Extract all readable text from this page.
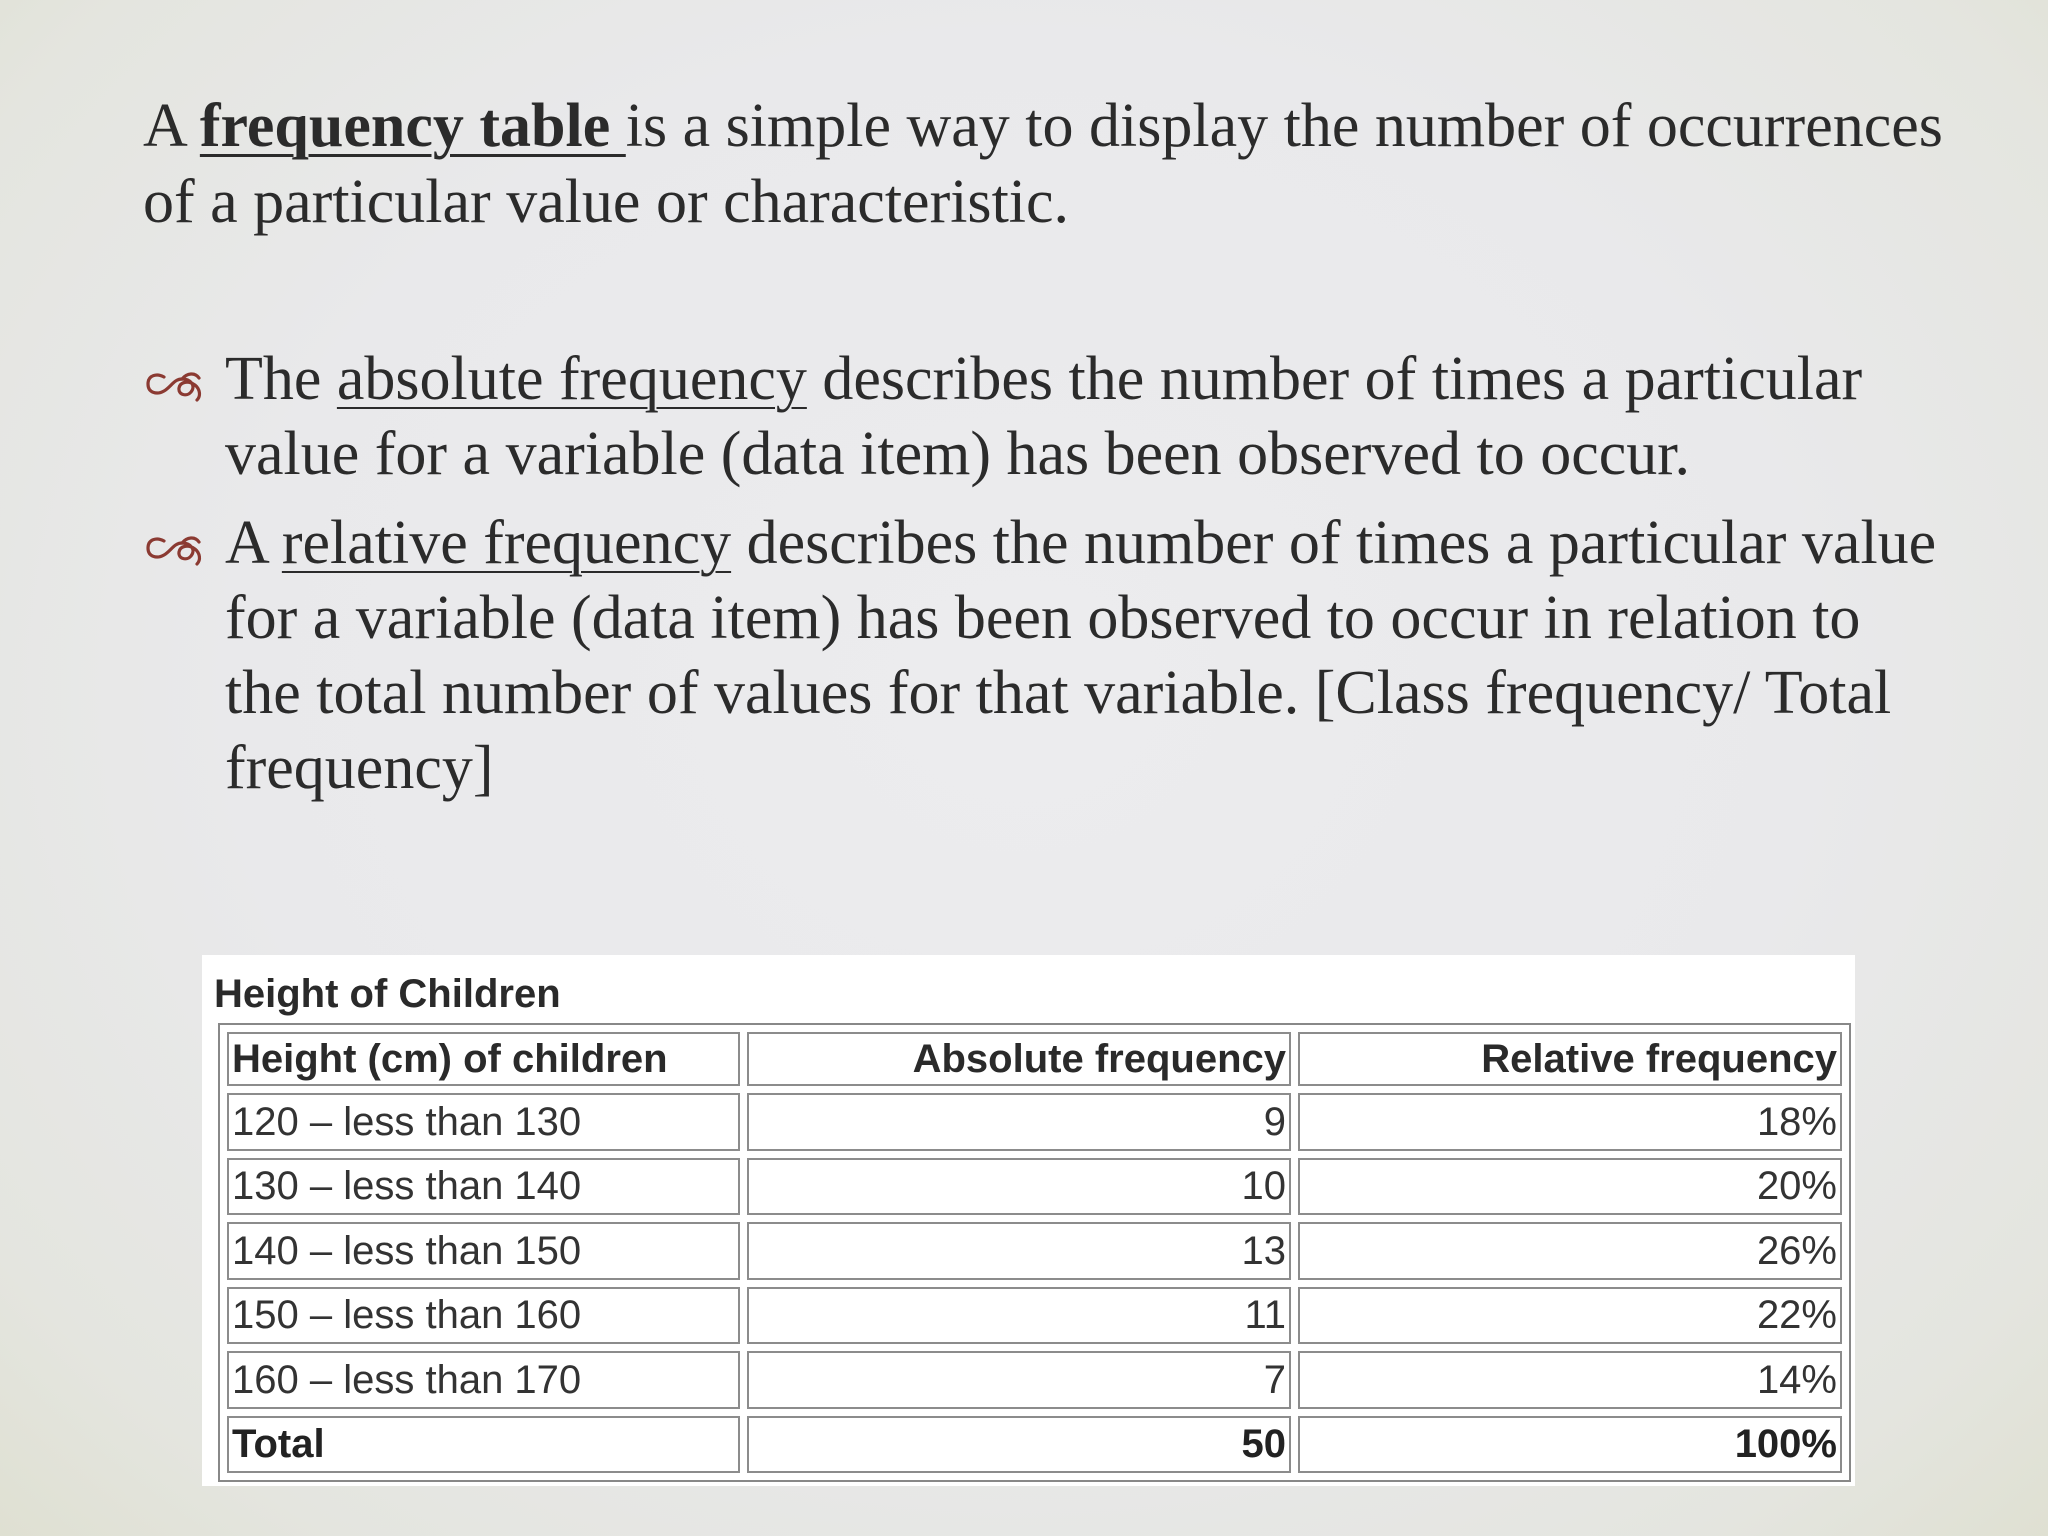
A frequency table is a simple way to display the number of occurrences of a particular value or characteristic.

The absolute frequency describes the number of times a particular value for a variable (data item) has been observed to occur.
A relative frequency describes the number of times a particular value for a variable (data item) has been observed to occur in relation to the total number of values for that variable. [Class frequency/ Total frequency]

Height of Children

Height (cm) of children	Absolute frequency	Relative frequency
120 – less than 130	9	18%
130 – less than 140	10	20%
140 – less than 150	13	26%
150 – less than 160	11	22%
160 – less than 170	7	14%
Total	50	100%
